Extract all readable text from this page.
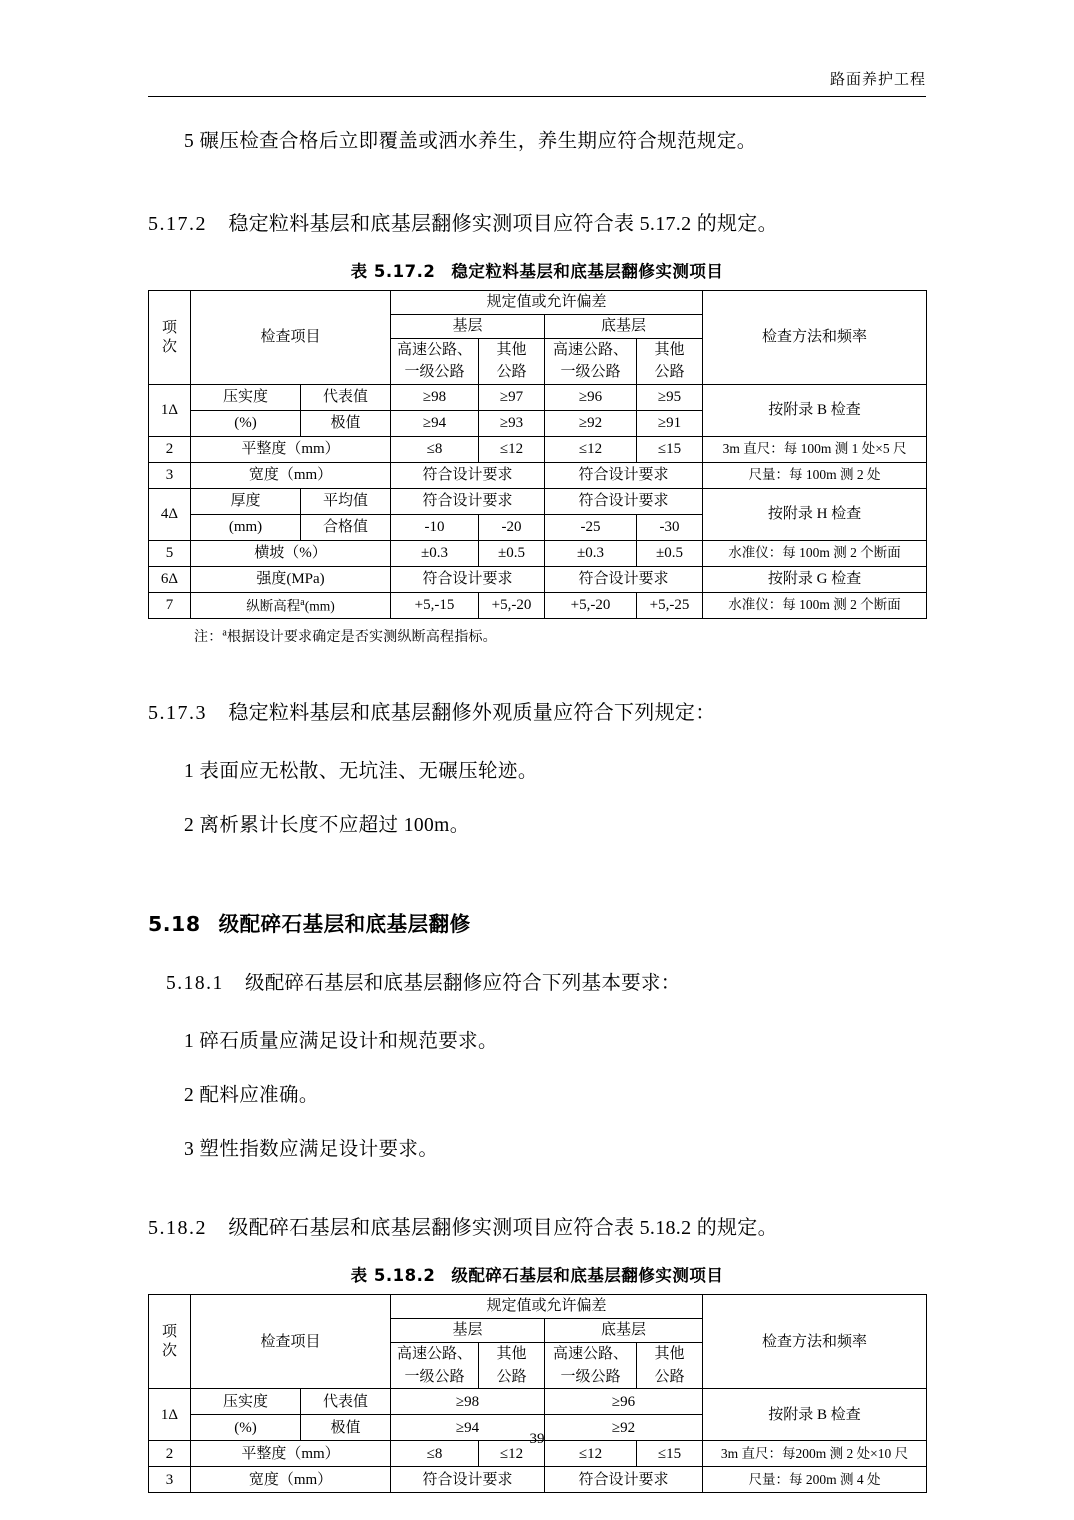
路面养护工程

5 碾压检查合格后立即覆盖或洒水养生，养生期应符合规范规定。

5.17.2 稳定粒料基层和底基层翻修实测项目应符合表 5.17.2 的规定。

表 5.17.2 稳定粒料基层和底基层翻修实测项目
项
次	检查项目		规定值或允许偏差				检查方法和频率
			基层		底基层		
			高速公路、	其他	高速公路、	其他	
			一级公路	公路	一级公路	公路	
1Δ	压实度	代表值	≥98	≥97	≥96	≥95	按附录 B 检查
	(%)	极值	≥94	≥93	≥92	≥91	
2	平整度（mm）		≤8	≤12	≤12	≤15	3m 直尺：每 100m 测 1 处×5 尺
3	宽度（mm）		符合设计要求		符合设计要求		尺量：每 100m 测 2 处
4Δ	厚度	平均值	符合设计要求		符合设计要求		按附录 H 检查
	(mm)	合格值	-10	-20	-25	-30	
5	横坡（%）		±0.3	±0.5	±0.3	±0.5	水准仪：每 100m 测 2 个断面
6Δ	强度(MPa)		符合设计要求		符合设计要求		按附录 G 检查
7	纵断高程$^a$(mm)		+5,-15	+5,-20	+5,-20	+5,-25	水准仪：每 100m 测 2 个断面
注：$^a$根据设计要求确定是否实测纵断高程指标。

5.17.3 稳定粒料基层和底基层翻修外观质量应符合下列规定：

1 表面应无松散、无坑洼、无碾压轮迹。

2 离析累计长度不应超过 100m。

5.18 级配碎石基层和底基层翻修

5.18.1 级配碎石基层和底基层翻修应符合下列基本要求：

1 碎石质量应满足设计和规范要求。

2 配料应准确。

3 塑性指数应满足设计要求。

5.18.2 级配碎石基层和底基层翻修实测项目应符合表 5.18.2 的规定。

表 5.18.2 级配碎石基层和底基层翻修实测项目
项
次	检查项目		规定值或允许偏差				检查方法和频率
			基层		底基层		
			高速公路、	其他	高速公路、	其他	
			一级公路	公路	一级公路	公路	
1Δ	压实度	代表值	≥98		≥96		按附录 B 检查
	(%)	极值	≥94		≥92		
2	平整度（mm）		≤8	≤12	≤12	≤15	3m 直尺：每200m 测 2 处×10 尺
3	宽度（mm）		符合设计要求		符合设计要求		尺量：每 200m 测 4 处
39
